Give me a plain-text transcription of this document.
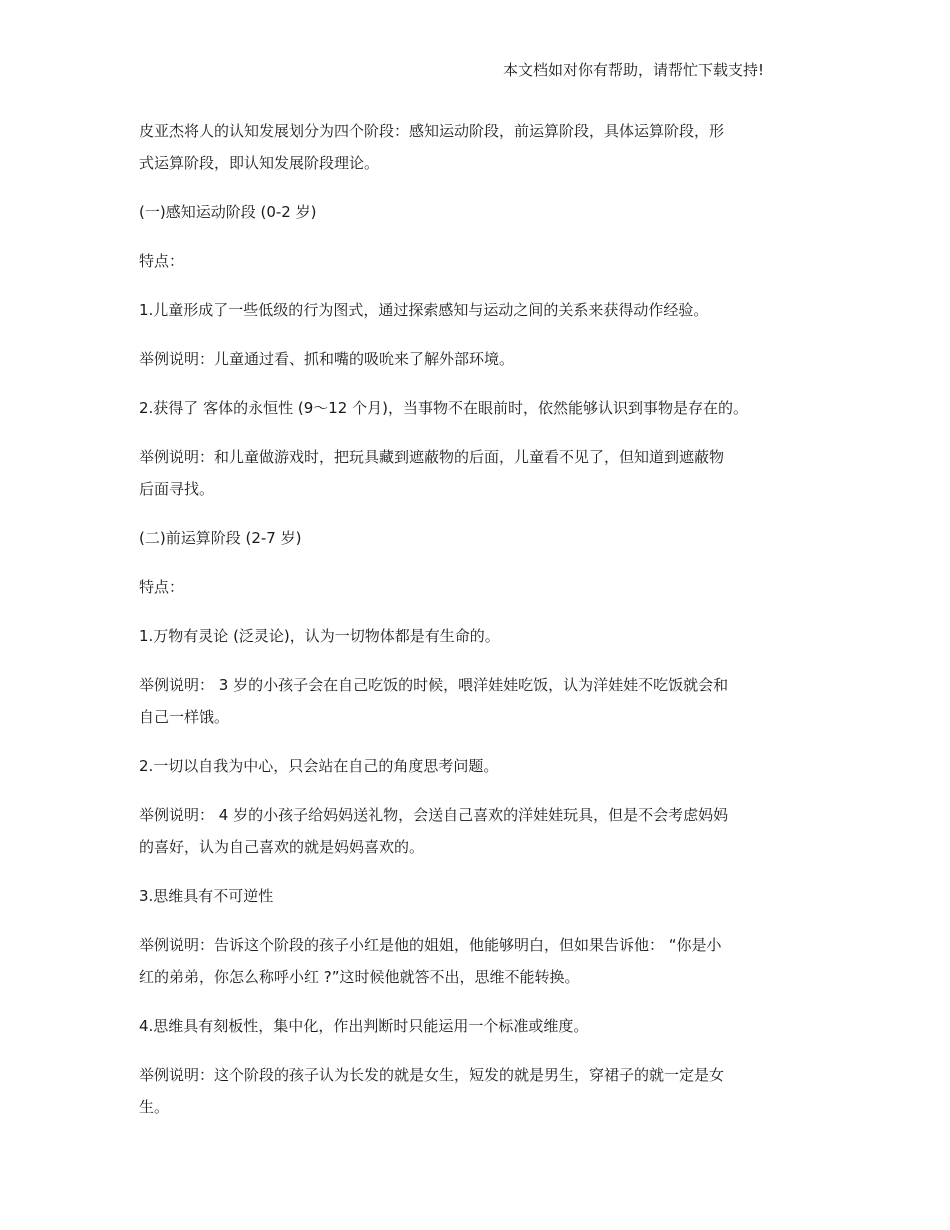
本文档如对你有帮助，请帮忙下载支持!
皮亚杰将人的认知发展划分为四个阶段：感知运动阶段，前运算阶段，具体运算阶段，形
式运算阶段，即认知发展阶段理论。
(一)感知运动阶段 (0-2 岁)
特点：
1.儿童形成了一些低级的行为图式，通过探索感知与运动之间的关系来获得动作经验。
举例说明：儿童通过看、抓和嘴的吸吮来了解外部环境。
2.获得了 客体的永恒性 (9～12 个月)，当事物不在眼前时，依然能够认识到事物是存在的。
举例说明：和儿童做游戏时，把玩具藏到遮蔽物的后面，儿童看不见了，但知道到遮蔽物
后面寻找。
(二)前运算阶段 (2-7 岁)
特点：
1.万物有灵论 (泛灵论)，认为一切物体都是有生命的。
举例说明： 3 岁的小孩子会在自己吃饭的时候，喂洋娃娃吃饭，认为洋娃娃不吃饭就会和
自己一样饿。
2.一切以自我为中心，只会站在自己的角度思考问题。
举例说明： 4 岁的小孩子给妈妈送礼物，会送自己喜欢的洋娃娃玩具，但是不会考虑妈妈
的喜好，认为自己喜欢的就是妈妈喜欢的。
3.思维具有不可逆性
举例说明：告诉这个阶段的孩子小红是他的姐姐，他能够明白，但如果告诉他： “你是小
红的弟弟，你怎么称呼小红 ?”这时候他就答不出，思维不能转换。
4.思维具有刻板性，集中化，作出判断时只能运用一个标准或维度。
举例说明：这个阶段的孩子认为长发的就是女生，短发的就是男生，穿裙子的就一定是女
生。
